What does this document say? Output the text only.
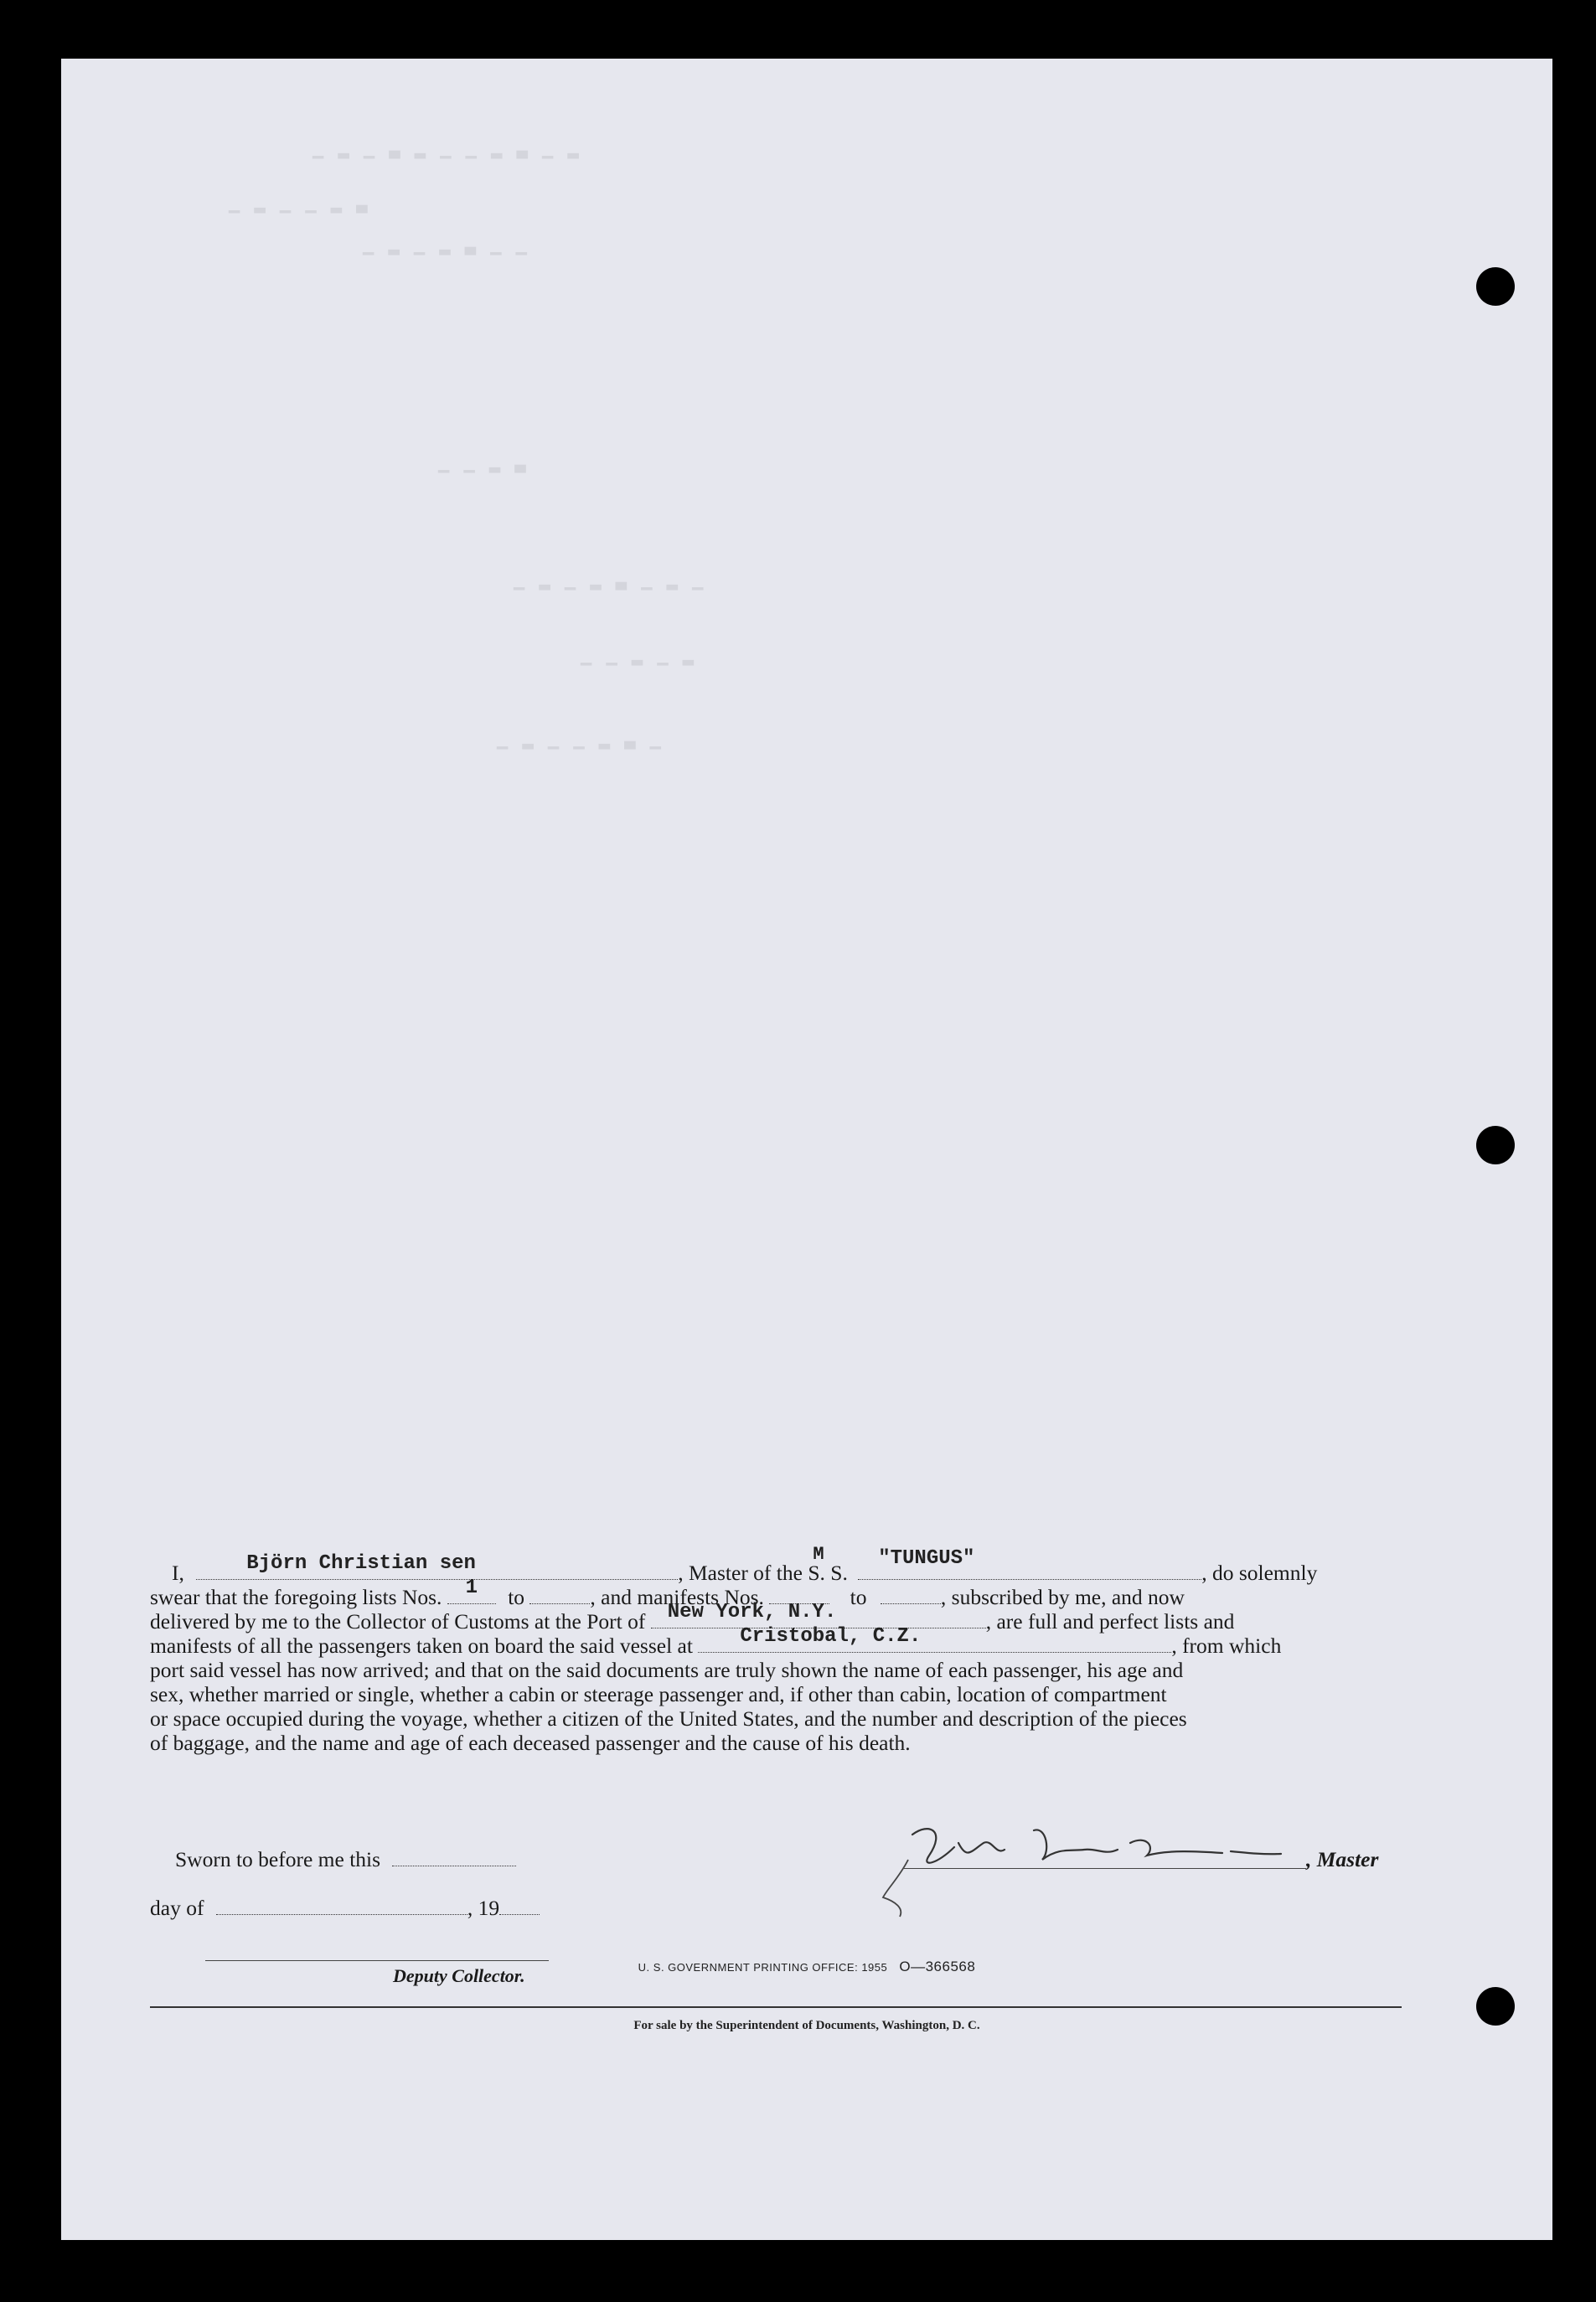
▁ ▂ ▁ ▃ ▂ ▁ ▁ ▂ ▃ ▁ ▂
▁ ▂ ▁ ▁ ▂ ▃
▁ ▂ ▁ ▂ ▃ ▁ ▁
▁ ▁ ▂ ▃
▁ ▂ ▁ ▂ ▃ ▁ ▂ ▁
▁ ▁ ▂ ▁ ▂
▁ ▂ ▁ ▁ ▂ ▃ ▁
I,	Björn Christian sen	, Master of the
M
S. S.
"TUNGUS"
, do solemnly
swear that the foregoing lists Nos.	1	to	, and manifests Nos.	to	, subscribed by me, and now
delivered by me to the Collector of Customs at the Port of New York, N.Y.	, are full and perfect lists and
manifests of all the passengers taken on board the said vessel at Cristobal, C.Z.	, from which
port said vessel has now arrived; and that on the said documents are truly shown the name of each passenger, his age and
sex, whether married or single, whether a cabin or steerage passenger and, if other than cabin, location of compartment
or space occupied during the voyage, whether a citizen of the United States, and the number and description of the pieces
of baggage, and the name and age of each deceased passenger and the cause of his death.
Sworn to before me this
day of	, 19
Deputy Collector.
, Master
U. S. GOVERNMENT PRINTING OFFICE: 1955 O—366568
For sale by the Superintendent of Documents, Washington, D. C.
